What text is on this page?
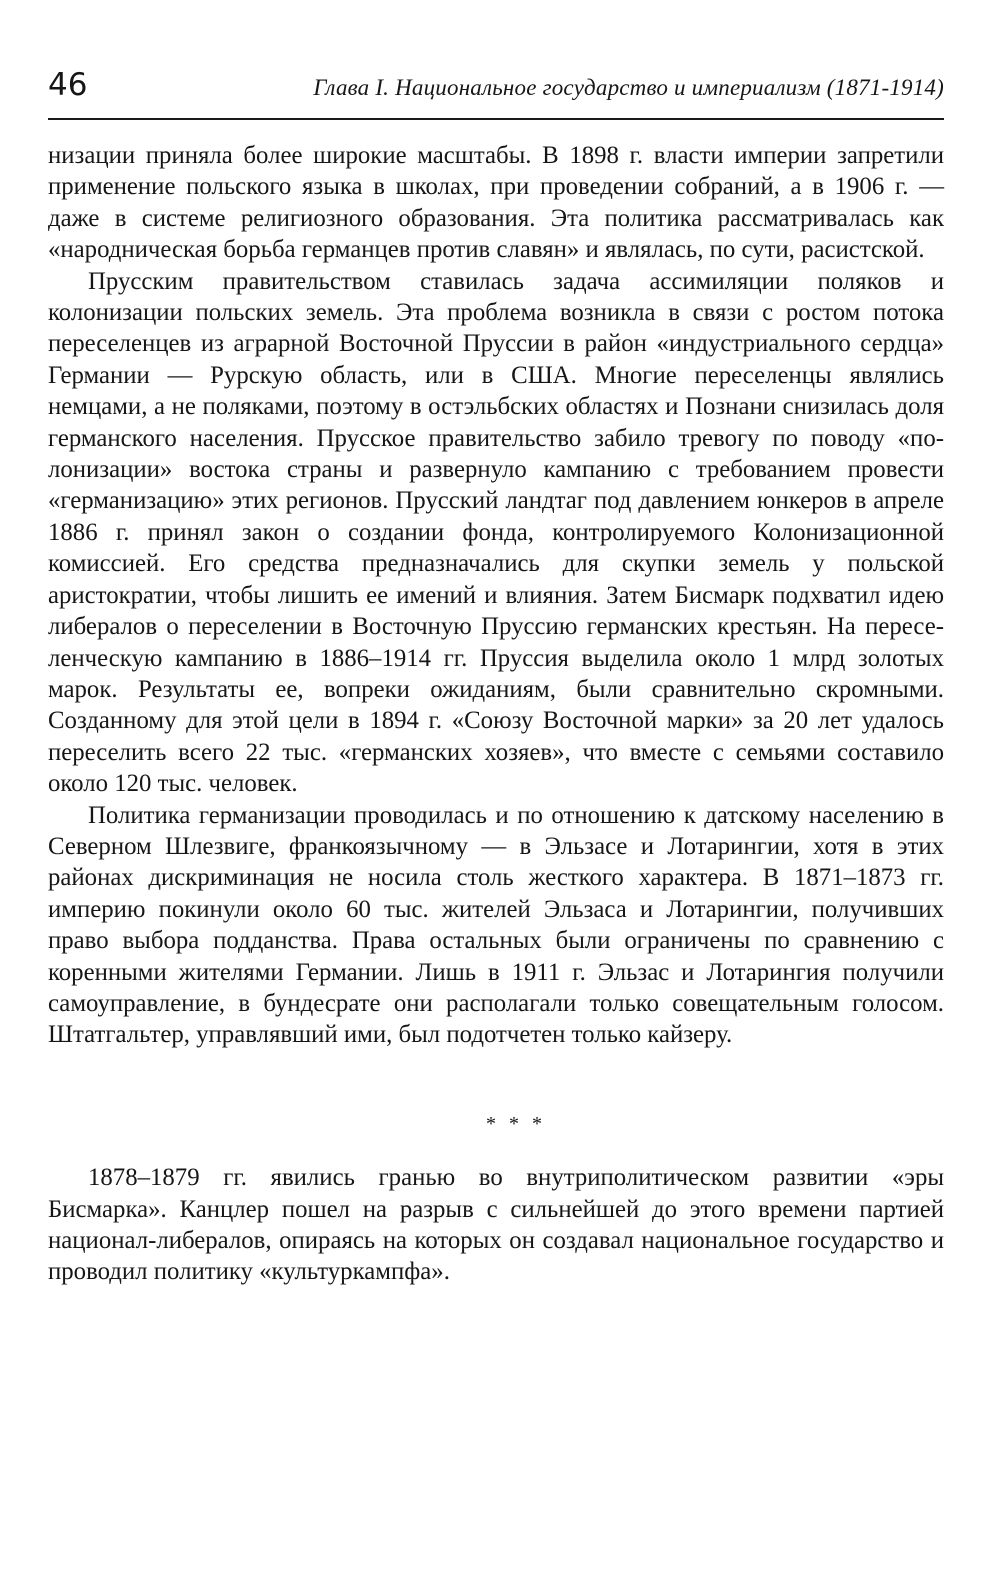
46	Глава I. Национальное государство и империализм (1871-1914)

низации приняла более широкие масштабы. В 1898 г. власти империи запретили применение польского языка в школах, при проведении собраний, а в 1906 г. — даже в системе религиозного образования. Эта политика рассматривалась как «народническая борьба германцев против славян» и являлась, по сути, расистской.

Прусским правительством ставилась задача ассимиляции поляков и колонизации польских земель. Эта проблема возникла в связи с ростом потока переселенцев из аграрной Восточной Пруссии в район «индустриального сердца» Германии — Рурскую область, или в США. Многие переселенцы являлись немцами, а не поляками, поэтому в остэльбских областях и Познани снизилась доля германского населения. Прусское правительство забило тревогу по поводу «полонизации» востока страны и развернуло кампанию с требованием провести «германизацию» этих регионов. Прусский ландтаг под давлением юнкеров в апреле 1886 г. принял закон о создании фонда, контролируемого Колонизационной комиссией. Его средства предназначались для скупки земель у польской аристократии, чтобы лишить ее имений и влияния. Затем Бисмарк подхватил идею либералов о переселении в Восточную Пруссию германских крестьян. На переселенческую кампанию в 1886–1914 гг. Пруссия выделила около 1 млрд золотых марок. Результаты ее, вопреки ожиданиям, были сравнительно скромными. Созданному для этой цели в 1894 г. «Союзу Восточной марки» за 20 лет удалось переселить всего 22 тыс. «германских хозяев», что вместе с семьями составило около 120 тыс. человек.

Политика германизации проводилась и по отношению к датскому населению в Северном Шлезвиге, франкоязычному — в Эльзасе и Лотарингии, хотя в этих районах дискриминация не носила столь жесткого характера. В 1871–1873 гг. империю покинули около 60 тыс. жителей Эльзаса и Лотарингии, получивших право выбора подданства. Права остальных были ограничены по сравнению с коренными жителями Германии. Лишь в 1911 г. Эльзас и Лотарингия получили самоуправление, в бундесрате они располагали только совещательным голосом. Штатгальтер, управлявший ими, был подотчетен только кайзеру.

* * *

1878–1879 гг. явились гранью во внутриполитическом развитии «эры Бисмарка». Канцлер пошел на разрыв с сильнейшей до этого времени партией национал-либералов, опираясь на которых он создавал национальное государство и проводил политику «культуркампфа».
